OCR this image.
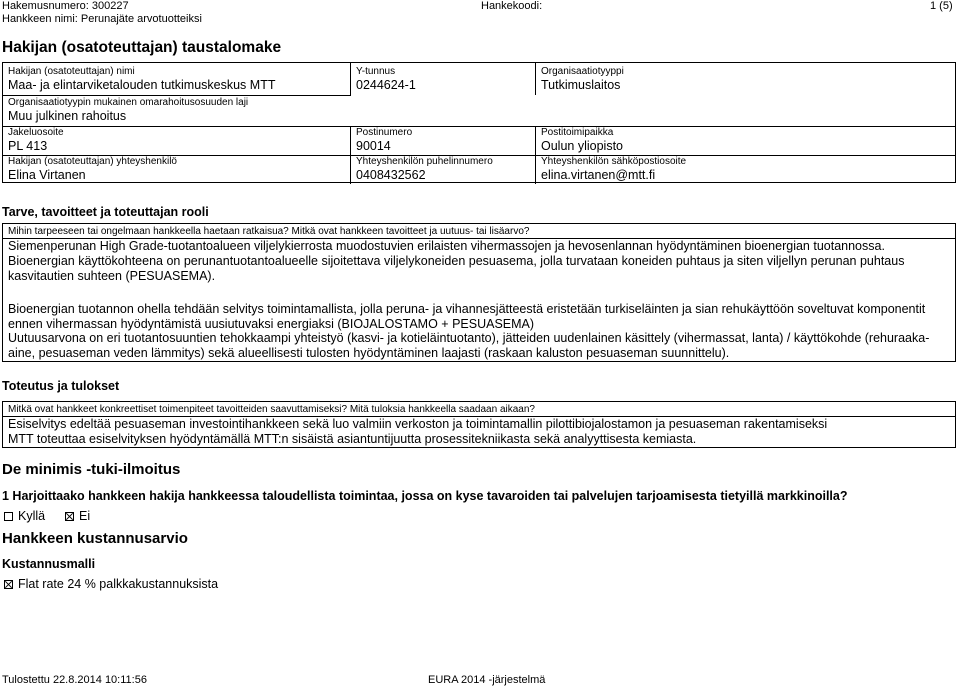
Hakemusnumero: 300227
Hankkeen nimi: Perunajäte arvotuotteiksi
Hankekoodi:	1 (5)
Hakijan (osatoteuttajan) taustalomake
Hakijan (osatoteuttajan) nimi
Maa- ja elintarviketalouden tutkimuskeskus MTT
Y-tunnus
0244624-1
Organisaatiotyyppi
Tutkimuslaitos
Organisaatiotyypin mukainen omarahoitusosuuden laji
Muu julkinen rahoitus
Jakeluosoite
PL 413
Postinumero
90014
Postitoimipaikka
Oulun yliopisto
Hakijan (osatoteuttajan) yhteyshenkilö
Elina Virtanen
Yhteyshenkilön puhelinnumero
0408432562
Yhteyshenkilön sähköpostiosoite
elina.virtanen@mtt.fi
Tarve, tavoitteet ja toteuttajan rooli
Mihin tarpeeseen tai ongelmaan hankkeella haetaan ratkaisua? Mitkä ovat hankkeen tavoitteet ja uutuus- tai lisäarvo?
Siemenperunan High Grade-tuotantoalueen viljelykierrosta muodostuvien erilaisten vihermassojen ja hevosenlannan hyödyntäminen bioenergian tuotannossa. Bioenergian käyttökohteena on perunantuotantoalueelle sijoitettava viljelykoneiden pesuasema, jolla turvataan koneiden puhtaus ja siten viljellyn perunan puhtaus kasvitautien suhteen (PESUASEMA).
Bioenergian tuotannon ohella tehdään selvitys toimintamallista, jolla peruna- ja vihannesjätteestä eristetään turkiseläinten ja sian rehukäyttöön soveltuvat komponentit ennen vihermassan hyödyntämistä uusiutuvaksi energiaksi (BIOJALOSTAMO + PESUASEMA)
Uutuusarvona on eri tuotantosuuntien tehokkaampi yhteistyö (kasvi- ja kotieläintuotanto), jätteiden uudenlainen käsittely (vihermassat, lanta) / käyttökohde (rehuraaka-aine, pesuaseman veden lämmitys) sekä alueellisesti tulosten hyödyntäminen laajasti (raskaan kaluston pesuaseman suunnittelu).
Toteutus ja tulokset
Mitkä ovat hankkeet konkreettiset toimenpiteet tavoitteiden saavuttamiseksi? Mitä tuloksia hankkeella saadaan aikaan?
Esiselvitys edeltää pesuaseman investointihankkeen sekä luo valmiin verkoston ja toimintamallin pilottibiojalostamon ja pesuaseman rakentamiseksi
MTT toteuttaa esiselvityksen hyödyntämällä MTT:n sisäistä asiantuntijuutta prosessitekniikasta sekä analyyttisesta kemiasta.
De minimis -tuki-ilmoitus
1 Harjoittaako hankkeen hakija hankkeessa taloudellista toimintaa, jossa on kyse tavaroiden tai palvelujen tarjoamisesta tietyillä markkinoilla?
Kyllä	Ei
Hankkeen kustannusarvio
Kustannusmalli
Flat rate 24 % palkkakustannuksista
Tulostettu 22.8.2014 10:11:56	EURA 2014 -järjestelmä
